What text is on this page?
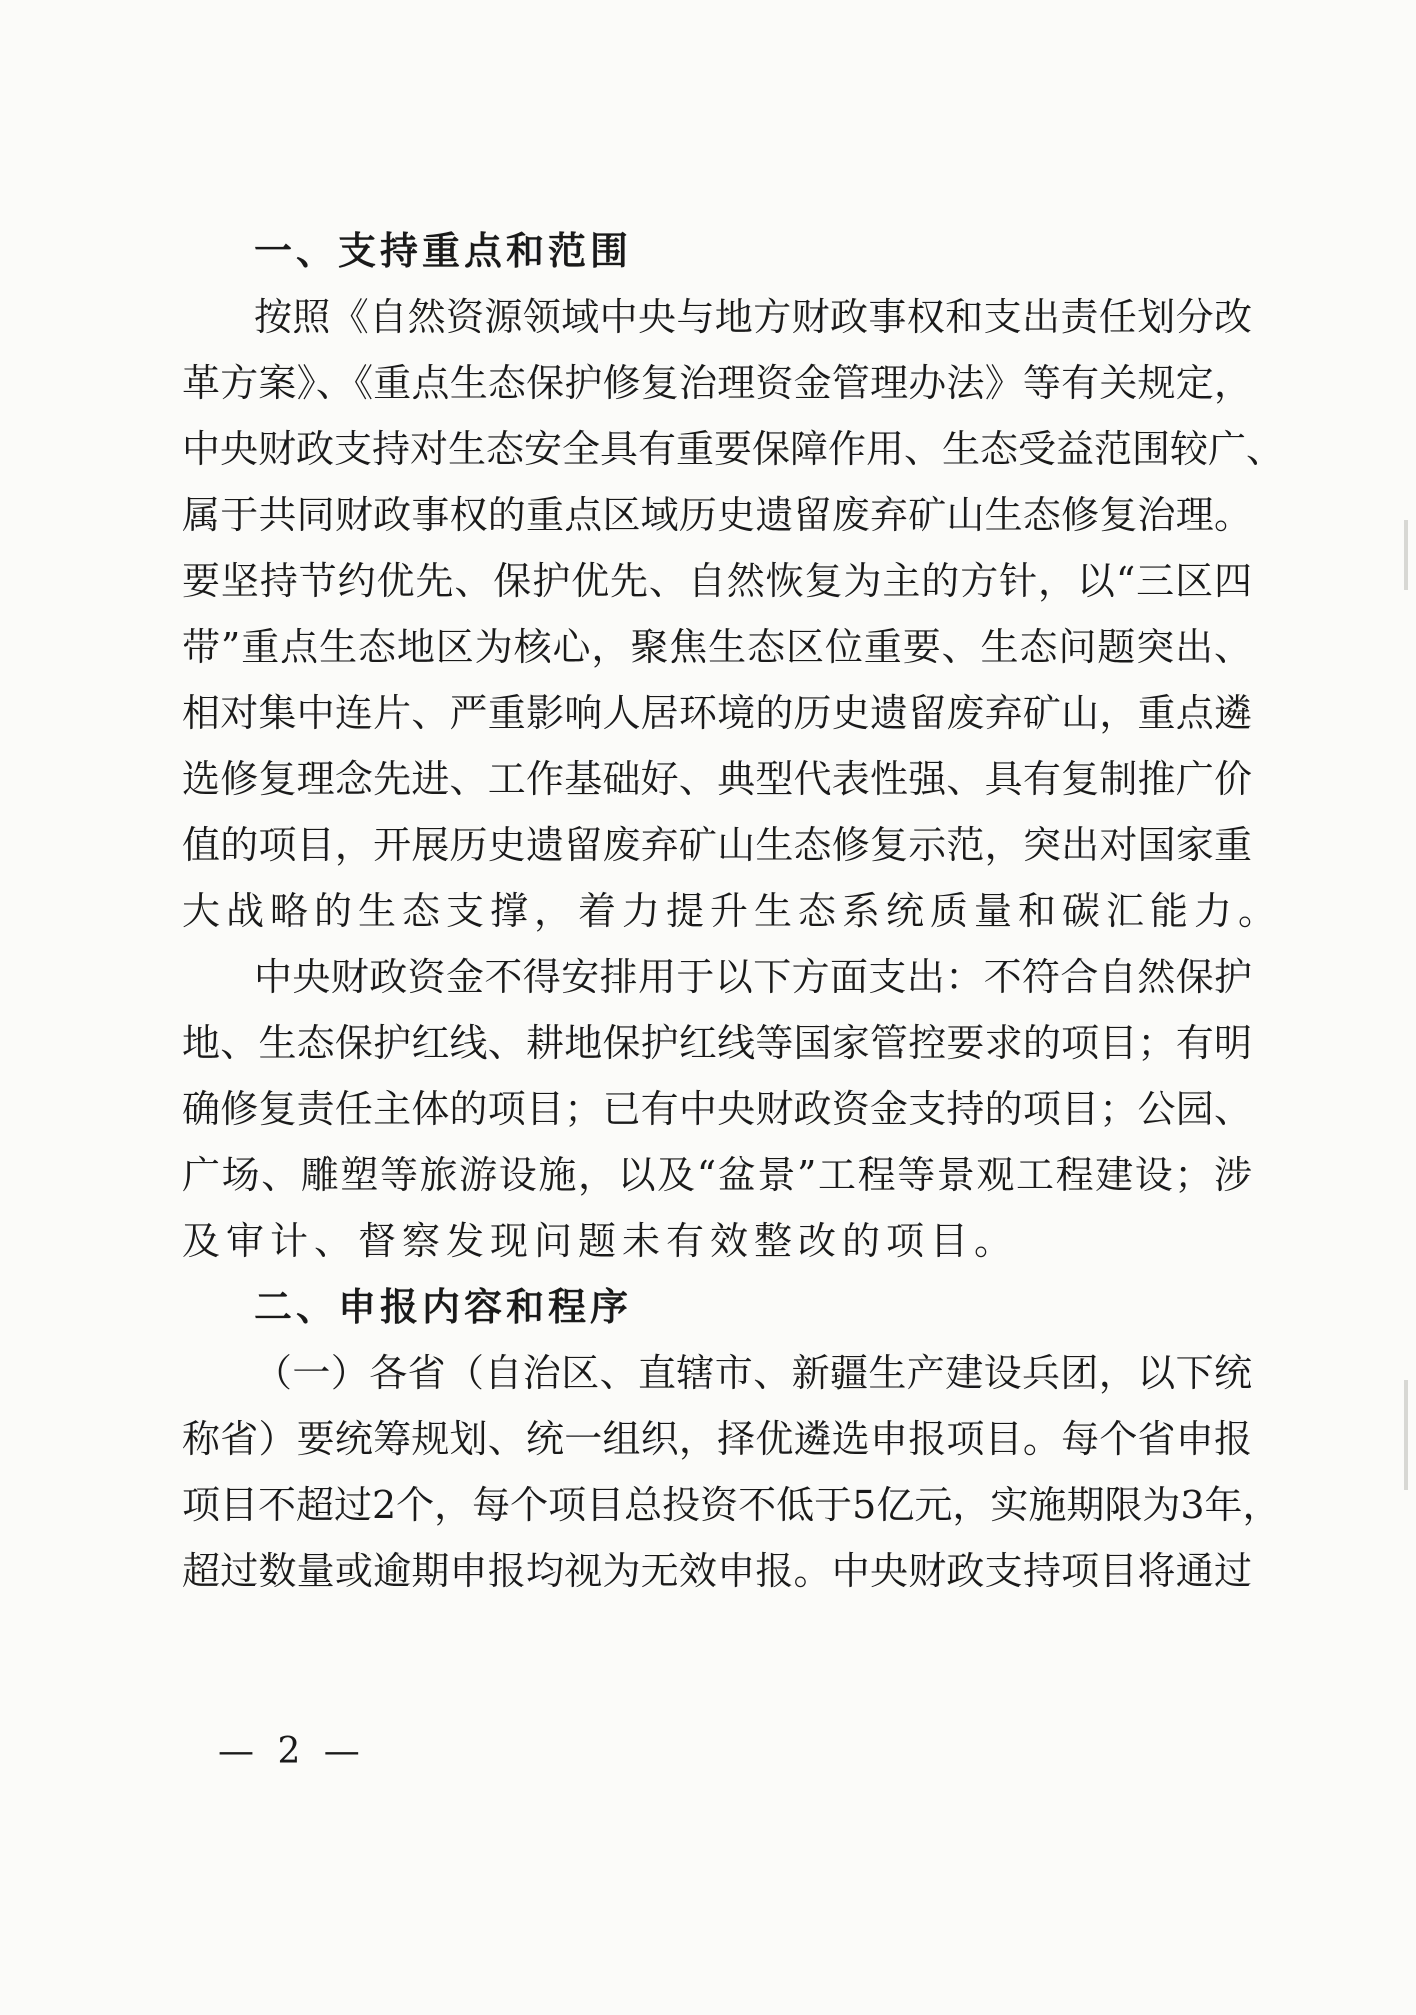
一、支持重点和范围
按照《自然资源领域中央与地方财政事权和支出责任划分改
革方案》、《重点生态保护修复治理资金管理办法》等有关规定，
中央财政支持对生态安全具有重要保障作用、生态受益范围较广、
属于共同财政事权的重点区域历史遗留废弃矿山生态修复治理。
要坚持节约优先、保护优先、自然恢复为主的方针，以“三区四
带”重点生态地区为核心，聚焦生态区位重要、生态问题突出、
相对集中连片、严重影响人居环境的历史遗留废弃矿山，重点遴
选修复理念先进、工作基础好、典型代表性强、具有复制推广价
值的项目，开展历史遗留废弃矿山生态修复示范，突出对国家重
大战略的生态支撑，着力提升生态系统质量和碳汇能力。
中央财政资金不得安排用于以下方面支出：不符合自然保护
地、生态保护红线、耕地保护红线等国家管控要求的项目；有明
确修复责任主体的项目；已有中央财政资金支持的项目；公园、
广场、雕塑等旅游设施，以及“盆景”工程等景观工程建设；涉
及审计、督察发现问题未有效整改的项目。
二、申报内容和程序
（一）各省（自治区、直辖市、新疆生产建设兵团，以下统
称省）要统筹规划、统一组织，择优遴选申报项目。每个省申报
项目不超过2个，每个项目总投资不低于5亿元，实施期限为3年，
超过数量或逾期申报均视为无效申报。中央财政支持项目将通过
— 2 —
